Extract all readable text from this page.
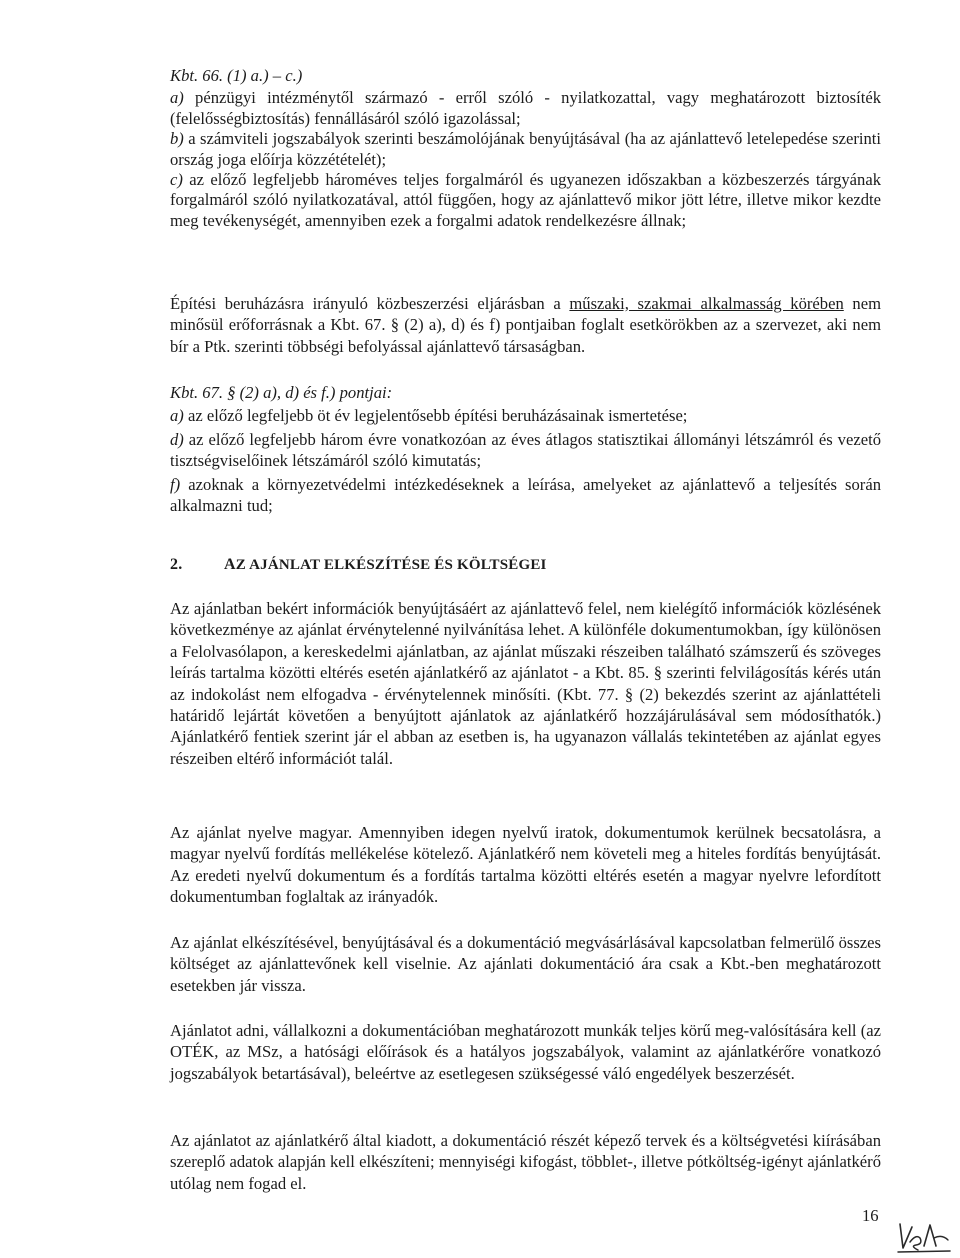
Kbt. 66. (1) a.) – c.)

a) pénzügyi intézménytől származó - erről szóló - nyilatkozattal, vagy meghatározott biztosíték (felelősségbiztosítás) fennállásáról szóló igazolással;

b) a számviteli jogszabályok szerinti beszámolójának benyújtásával (ha az ajánlattevő letelepedése szerinti ország joga előírja közzétételét);

c) az előző legfeljebb hároméves teljes forgalmáról és ugyanezen időszakban a közbeszerzés tárgyának forgalmáról szóló nyilatkozatával, attól függően, hogy az ajánlattevő mikor jött létre, illetve mikor kezdte meg tevékenységét, amennyiben ezek a forgalmi adatok rendelkezésre állnak;

Építési beruházásra irányuló közbeszerzési eljárásban a műszaki, szakmai alkalmasság körében nem minősül erőforrásnak a Kbt. 67. § (2) a), d) és f) pontjaiban foglalt esetkörökben az a szervezet, aki nem bír a Ptk. szerinti többségi befolyással ajánlattevő társaságban.

Kbt. 67. § (2) a), d) és f.) pontjai:

a) az előző legfeljebb öt év legjelentősebb építési beruházásainak ismertetése;

d) az előző legfeljebb három évre vonatkozóan az éves átlagos statisztikai állományi létszámról és vezető tisztségviselőinek létszámáról szóló kimutatás;

f) azoknak a környezetvédelmi intézkedéseknek a leírása, amelyeket az ajánlattevő a teljesítés során alkalmazni tud;

2.	AZ AJÁNLAT ELKÉSZÍTÉSE ÉS KÖLTSÉGEI

Az ajánlatban bekért információk benyújtásáért az ajánlattevő felel, nem kielégítő információk közlésének következménye az ajánlat érvénytelenné nyilvánítása lehet. A különféle dokumentumokban, így különösen a Felolvasólapon, a kereskedelmi ajánlatban, az ajánlat műszaki részeiben található számszerű és szöveges leírás tartalma közötti eltérés esetén ajánlatkérő az ajánlatot - a Kbt. 85. § szerinti felvilágosítás kérés után az indokolást nem elfogadva - érvénytelennek minősíti. (Kbt. 77. § (2) bekezdés szerint az ajánlattételi határidő lejártát követően a benyújtott ajánlatok az ajánlatkérő hozzájárulásával sem módosíthatók.) Ajánlatkérő fentiek szerint jár el abban az esetben is, ha ugyanazon vállalás tekintetében az ajánlat egyes részeiben eltérő információt talál.

Az ajánlat nyelve magyar. Amennyiben idegen nyelvű iratok, dokumentumok kerülnek becsatolásra, a magyar nyelvű fordítás mellékelése kötelező. Ajánlatkérő nem követeli meg a hiteles fordítás benyújtását. Az eredeti nyelvű dokumentum és a fordítás tartalma közötti eltérés esetén a magyar nyelvre lefordított dokumentumban foglaltak az irányadók.

Az ajánlat elkészítésével, benyújtásával és a dokumentáció megvásárlásával kapcsolatban felmerülő összes költséget az ajánlattevőnek kell viselnie. Az ajánlati dokumentáció ára csak a Kbt.-ben meghatározott esetekben jár vissza.

Ajánlatot adni, vállalkozni a dokumentációban meghatározott munkák teljes körű meg-valósítására kell (az OTÉK, az MSz, a hatósági előírások és a hatályos jogszabályok, valamint az ajánlatkérőre vonatkozó jogszabályok betartásával), beleértve az esetlegesen szükségessé váló engedélyek beszerzését.

Az ajánlatot az ajánlatkérő által kiadott, a dokumentáció részét képező tervek és a költségvetési kiírásában szereplő adatok alapján kell elkészíteni; mennyiségi kifogást, többlet-, illetve pótköltség-igényt ajánlatkérő utólag nem fogad el.

16
